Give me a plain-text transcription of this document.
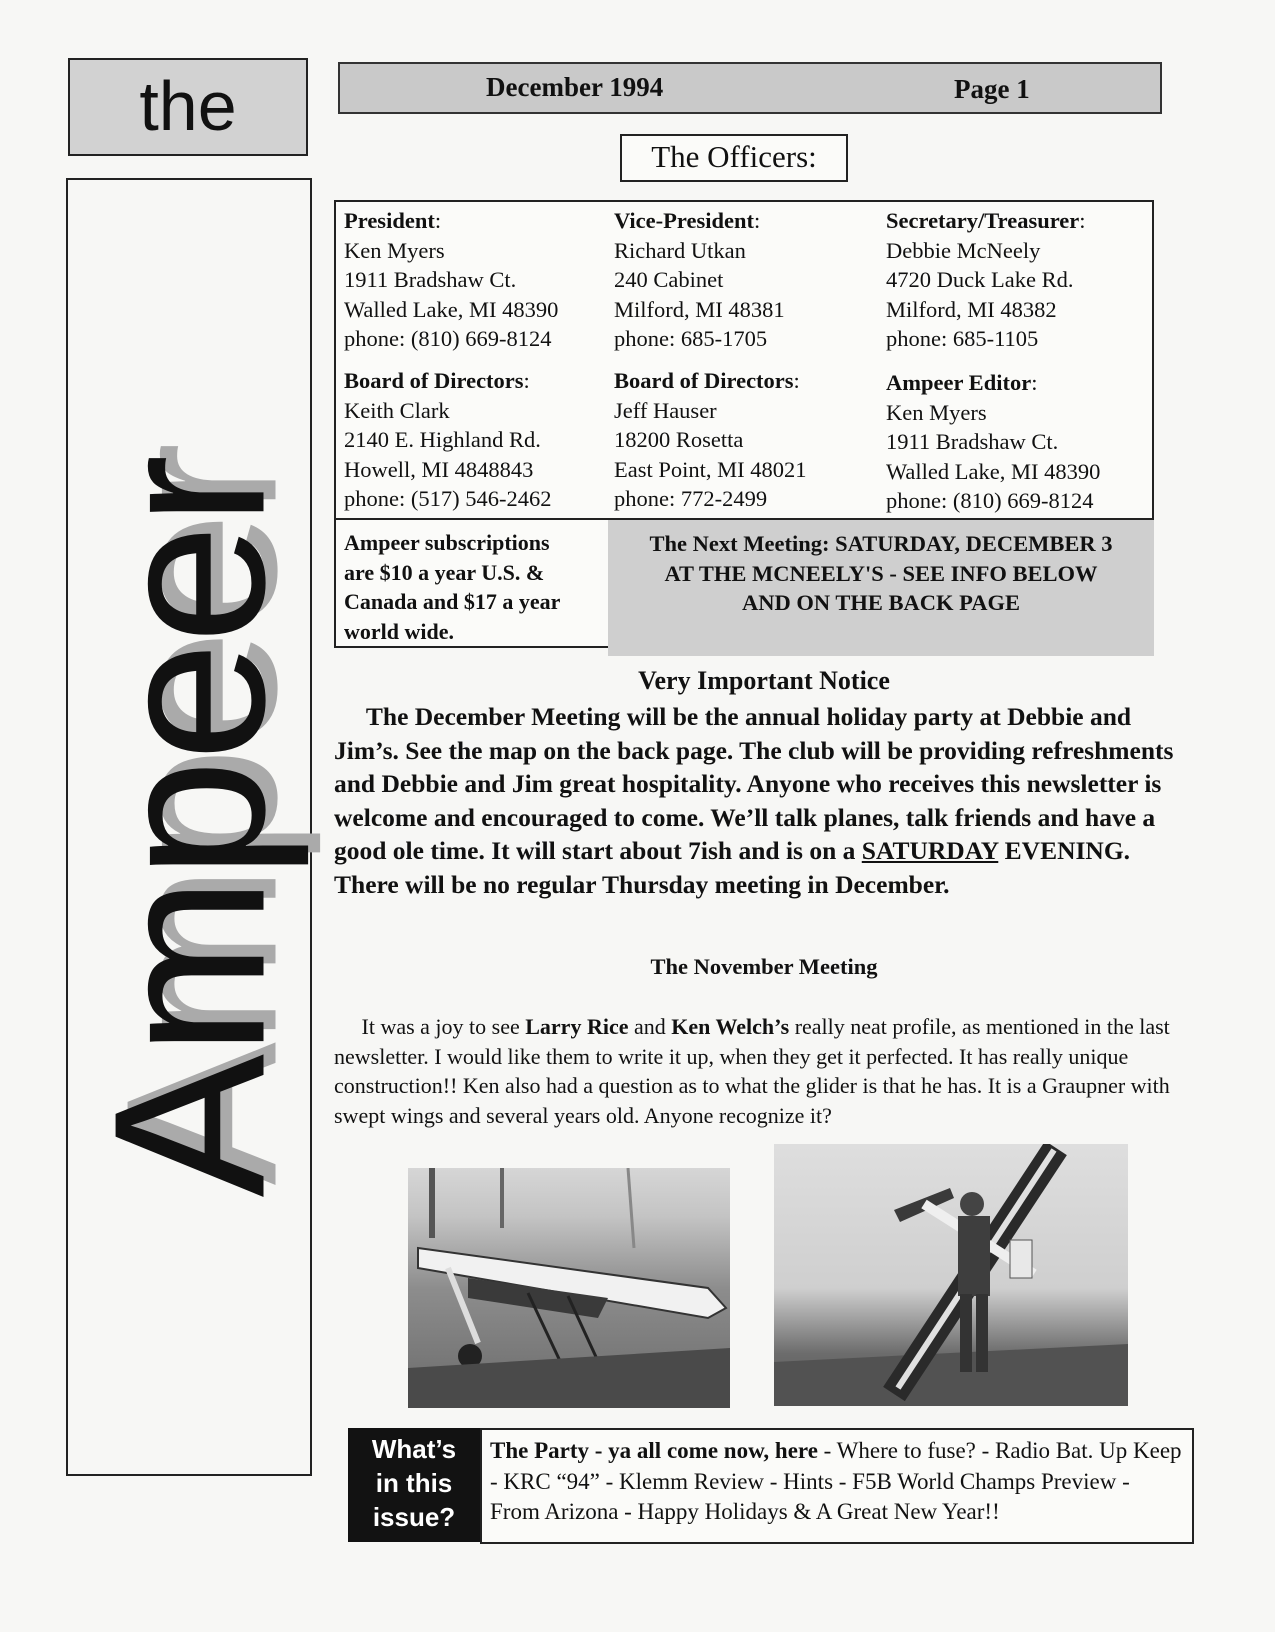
the
Ampeer
December 1994	Page 1
The Officers:
President:
Ken Myers
1911 Bradshaw Ct.
Walled Lake, MI 48390
phone: (810) 669-8124
Vice-President:
Richard Utkan
240 Cabinet
Milford, MI 48381
phone: 685-1705
Secretary/Treasurer:
Debbie McNeely
4720 Duck Lake Rd.
Milford, MI 48382
phone: 685-1105
Board of Directors:
Keith Clark
2140 E. Highland Rd.
Howell, MI 4848843
phone: (517) 546-2462
Board of Directors:
Jeff Hauser
18200 Rosetta
East Point, MI 48021
phone: 772-2499
Ampeer Editor:
Ken Myers
1911 Bradshaw Ct.
Walled Lake, MI 48390
phone: (810) 669-8124
Ampeer subscriptions
are $10 a year U.S. &
Canada and $17 a year
world wide.
The Next Meeting: SATURDAY, DECEMBER 3
AT THE MCNEELY'S - SEE INFO BELOW
AND ON THE BACK PAGE
Very Important Notice
The December Meeting will be the annual holiday party at Debbie and Jim’s. See the map on the back page. The club will be providing refreshments and Debbie and Jim great hospitality. Anyone who receives this newsletter is welcome and encouraged to come. We’ll talk planes, talk friends and have a good ole time. It will start about 7ish and is on a SATURDAY EVENING. There will be no regular Thursday meeting in December.
The November Meeting
It was a joy to see Larry Rice and Ken Welch’s really neat profile, as mentioned in the last newsletter. I would like them to write it up, when they get it perfected. It has really unique construction!! Ken also had a question as to what the glider is that he has. It is a Graupner with swept wings and several years old. Anyone recognize it?
What’s
in this
issue?
The Party - ya all come now, here - Where to fuse? - Radio Bat. Up Keep - KRC “94” - Klemm Review - Hints - F5B World Champs Preview - From Arizona - Happy Holidays & A Great New Year!!
